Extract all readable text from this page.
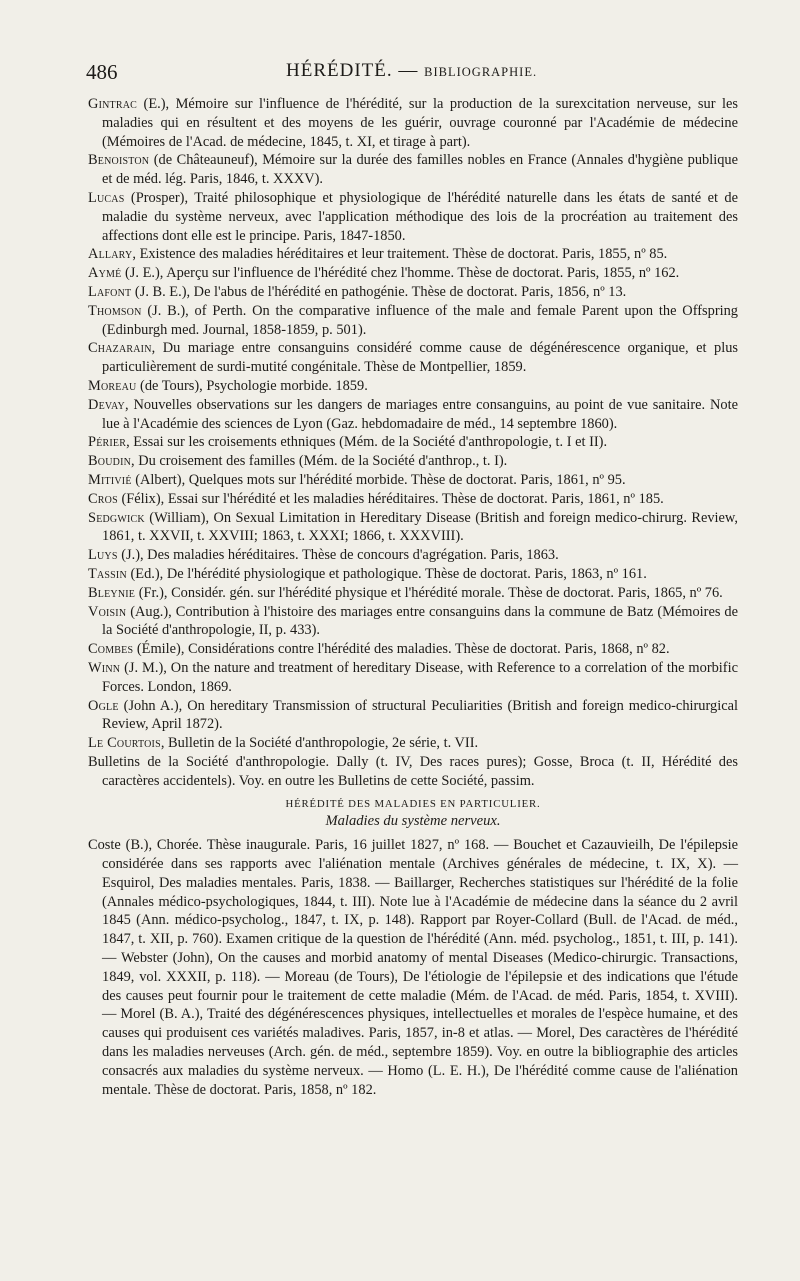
486	HÉRÉDITÉ. — BIBLIOGRAPHIE.

Gintrac (E.), Mémoire sur l'influence de l'hérédité, sur la production de la surexcitation nerveuse, sur les maladies qui en résultent et des moyens de les guérir, ouvrage couronné par l'Académie de médecine (Mémoires de l'Acad. de médecine, 1845, t. XI, et tirage à part).

Benoiston (de Châteauneuf), Mémoire sur la durée des familles nobles en France (Annales d'hygiène publique et de méd. lég. Paris, 1846, t. XXXV).

Lucas (Prosper), Traité philosophique et physiologique de l'hérédité naturelle dans les états de santé et de maladie du système nerveux, avec l'application méthodique des lois de la procréation au traitement des affections dont elle est le principe. Paris, 1847-1850.

Allary, Existence des maladies héréditaires et leur traitement. Thèse de doctorat. Paris, 1855, nº 85.

Aymé (J. E.), Aperçu sur l'influence de l'hérédité chez l'homme. Thèse de doctorat. Paris, 1855, nº 162.

Lafont (J. B. E.), De l'abus de l'hérédité en pathogénie. Thèse de doctorat. Paris, 1856, nº 13.

Thomson (J. B.), of Perth. On the comparative influence of the male and female Parent upon the Offspring (Edinburgh med. Journal, 1858-1859, p. 501).

Chazarain, Du mariage entre consanguins considéré comme cause de dégénérescence organique, et plus particulièrement de surdi-mutité congénitale. Thèse de Montpellier, 1859.

Moreau (de Tours), Psychologie morbide. 1859.

Devay, Nouvelles observations sur les dangers de mariages entre consanguins, au point de vue sanitaire. Note lue à l'Académie des sciences de Lyon (Gaz. hebdomadaire de méd., 14 septembre 1860).

Périer, Essai sur les croisements ethniques (Mém. de la Société d'anthropologie, t. I et II).

Boudin, Du croisement des familles (Mém. de la Société d'anthrop., t. I).

Mitivié (Albert), Quelques mots sur l'hérédité morbide. Thèse de doctorat. Paris, 1861, nº 95.

Cros (Félix), Essai sur l'hérédité et les maladies héréditaires. Thèse de doctorat. Paris, 1861, nº 185.

Sedgwick (William), On Sexual Limitation in Hereditary Disease (British and foreign medico-chirurg. Review, 1861, t. XXVII, t. XXVIII; 1863, t. XXXI; 1866, t. XXXVIII).

Luys (J.), Des maladies héréditaires. Thèse de concours d'agrégation. Paris, 1863.

Tassin (Ed.), De l'hérédité physiologique et pathologique. Thèse de doctorat. Paris, 1863, nº 161.

Bleynie (Fr.), Considér. gén. sur l'hérédité physique et l'hérédité morale. Thèse de doctorat. Paris, 1865, nº 76.

Voisin (Aug.), Contribution à l'histoire des mariages entre consanguins dans la commune de Batz (Mémoires de la Société d'anthropologie, II, p. 433).

Combes (Émile), Considérations contre l'hérédité des maladies. Thèse de doctorat. Paris, 1868, nº 82.

Winn (J. M.), On the nature and treatment of hereditary Disease, with Reference to a correlation of the morbific Forces. London, 1869.

Ogle (John A.), On hereditary Transmission of structural Peculiarities (British and foreign medico-chirurgical Review, April 1872).

Le Courtois, Bulletin de la Société d'anthropologie, 2e série, t. VII.

Bulletins de la Société d'anthropologie. Dally (t. IV, Des races pures); Gosse, Broca (t. II, Hérédité des caractères accidentels). Voy. en outre les Bulletins de cette Société, passim.

HÉRÉDITÉ DES MALADIES EN PARTICULIER.
Maladies du système nerveux.

Coste (B.), Chorée. Thèse inaugurale. Paris, 16 juillet 1827, nº 168. — Bouchet et Cazauvieilh, De l'épilepsie considérée dans ses rapports avec l'aliénation mentale (Archives générales de médecine, t. IX, X). — Esquirol, Des maladies mentales. Paris, 1838. — Baillarger, Recherches statistiques sur l'hérédité de la folie (Annales médico-psychologiques, 1844, t. III). Note lue à l'Académie de médecine dans la séance du 2 avril 1845 (Ann. médico-psycholog., 1847, t. IX, p. 148). Rapport par Royer-Collard (Bull. de l'Acad. de méd., 1847, t. XII, p. 760). Examen critique de la question de l'hérédité (Ann. méd. psycholog., 1851, t. III, p. 141). — Webster (John), On the causes and morbid anatomy of mental Diseases (Medico-chirurgic. Transactions, 1849, vol. XXXII, p. 118). — Moreau (de Tours), De l'étiologie de l'épilepsie et des indications que l'étude des causes peut fournir pour le traitement de cette maladie (Mém. de l'Acad. de méd. Paris, 1854, t. XVIII). — Morel (B. A.), Traité des dégénérescences physiques, intellectuelles et morales de l'espèce humaine, et des causes qui produisent ces variétés maladives. Paris, 1857, in-8 et atlas. — Morel, Des caractères de l'hérédité dans les maladies nerveuses (Arch. gén. de méd., septembre 1859). Voy. en outre la bibliographie des articles consacrés aux maladies du système nerveux. — Homo (L. E. H.), De l'hérédité comme cause de l'aliénation mentale. Thèse de doctorat. Paris, 1858, nº 182.
